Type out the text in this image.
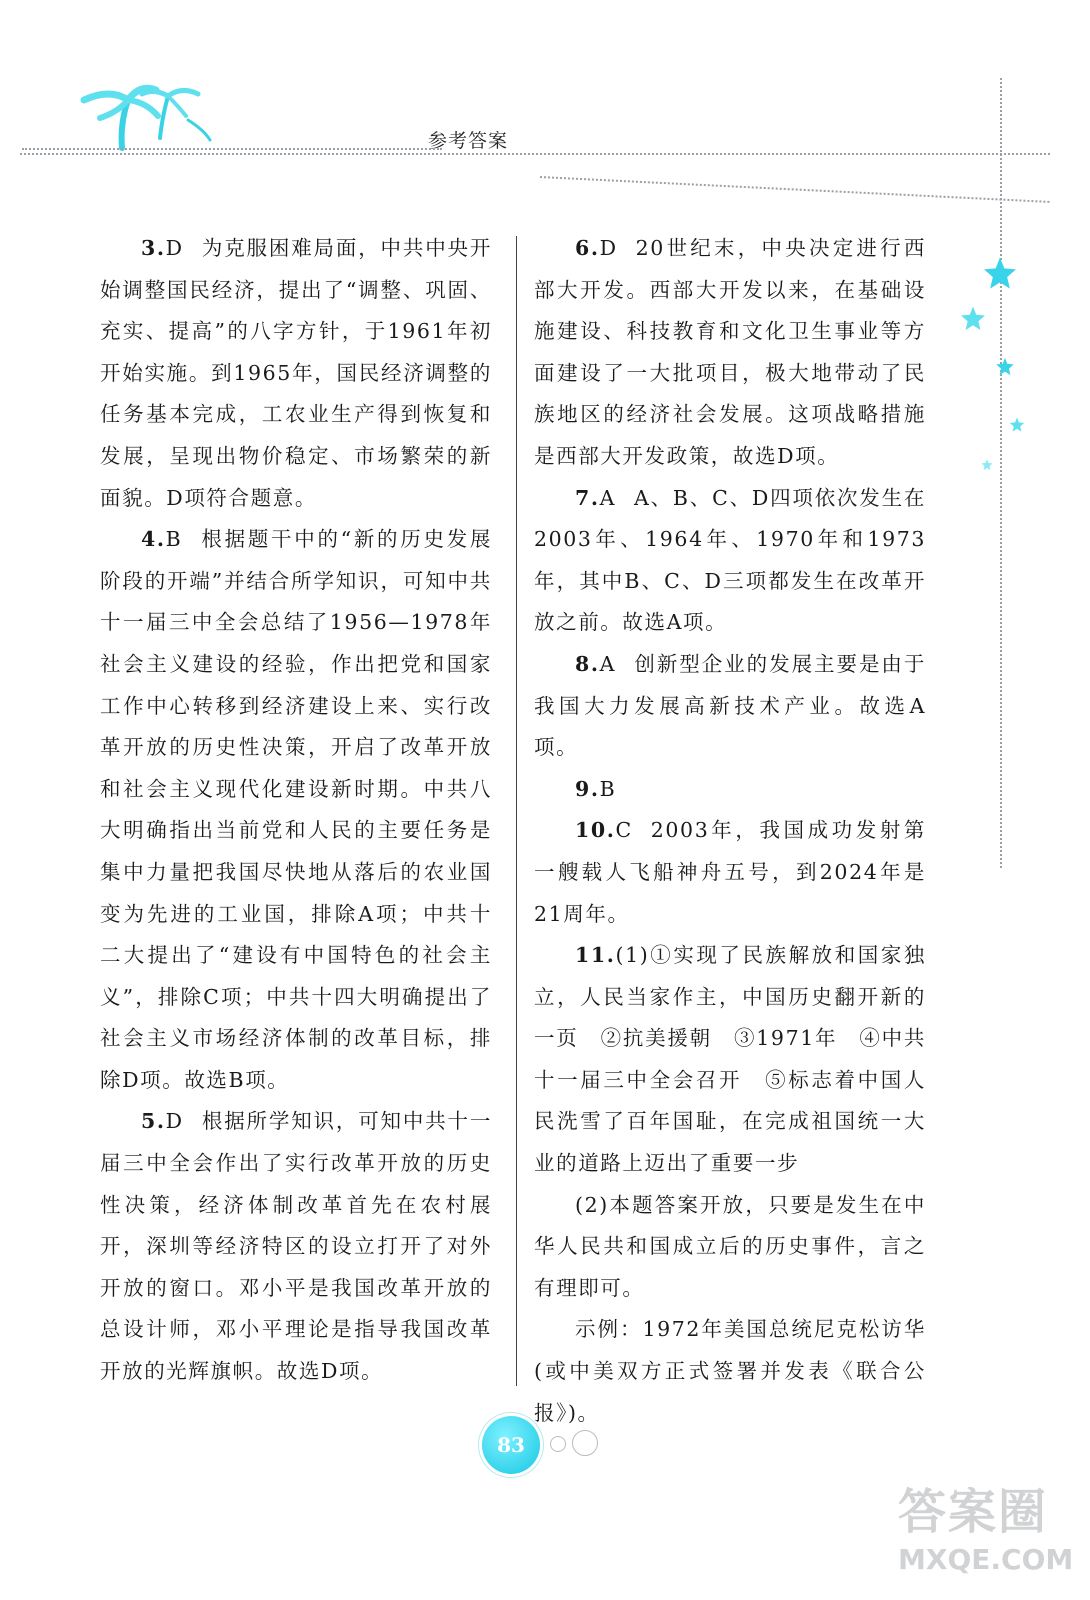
参考答案

3.D 为克服困难局面，中共中央开始调整国民经济，提出了“调整、巩固、充实、提高”的八字方针，于1961年初开始实施。到1965年，国民经济调整的任务基本完成，工农业生产得到恢复和发展，呈现出物价稳定、市场繁荣的新面貌。D项符合题意。

4.B 根据题干中的“新的历史发展阶段的开端”并结合所学知识，可知中共十一届三中全会总结了1956—1978年社会主义建设的经验，作出把党和国家工作中心转移到经济建设上来、实行改革开放的历史性决策，开启了改革开放和社会主义现代化建设新时期。中共八大明确指出当前党和人民的主要任务是集中力量把我国尽快地从落后的农业国变为先进的工业国，排除A项；中共十二大提出了“建设有中国特色的社会主义”，排除C项；中共十四大明确提出了社会主义市场经济体制的改革目标，排除D项。故选B项。

5.D 根据所学知识，可知中共十一届三中全会作出了实行改革开放的历史性决策，经济体制改革首先在农村展开，深圳等经济特区的设立打开了对外开放的窗口。邓小平是我国改革开放的总设计师，邓小平理论是指导我国改革开放的光辉旗帜。故选D项。

6.D 20世纪末，中央决定进行西部大开发。西部大开发以来，在基础设施建设、科技教育和文化卫生事业等方面建设了一大批项目，极大地带动了民族地区的经济社会发展。这项战略措施是西部大开发政策，故选D项。

7.A A、B、C、D四项依次发生在2003年、1964年、1970年和1973年，其中B、C、D三项都发生在改革开放之前。故选A项。

8.A 创新型企业的发展主要是由于我国大力发展高新技术产业。故选A项。

9.B

10.C 2003年，我国成功发射第一艘载人飞船神舟五号，到2024年是21周年。

11.(1)①实现了民族解放和国家独立，人民当家作主，中国历史翻开新的一页　②抗美援朝　③1971年　④中共十一届三中全会召开　⑤标志着中国人民洗雪了百年国耻，在完成祖国统一大业的道路上迈出了重要一步

(2)本题答案开放，只要是发生在中华人民共和国成立后的历史事件，言之有理即可。

示例：1972年美国总统尼克松访华(或中美双方正式签署并发表《联合公报》)。

83
答案圈
MXQE.COM
